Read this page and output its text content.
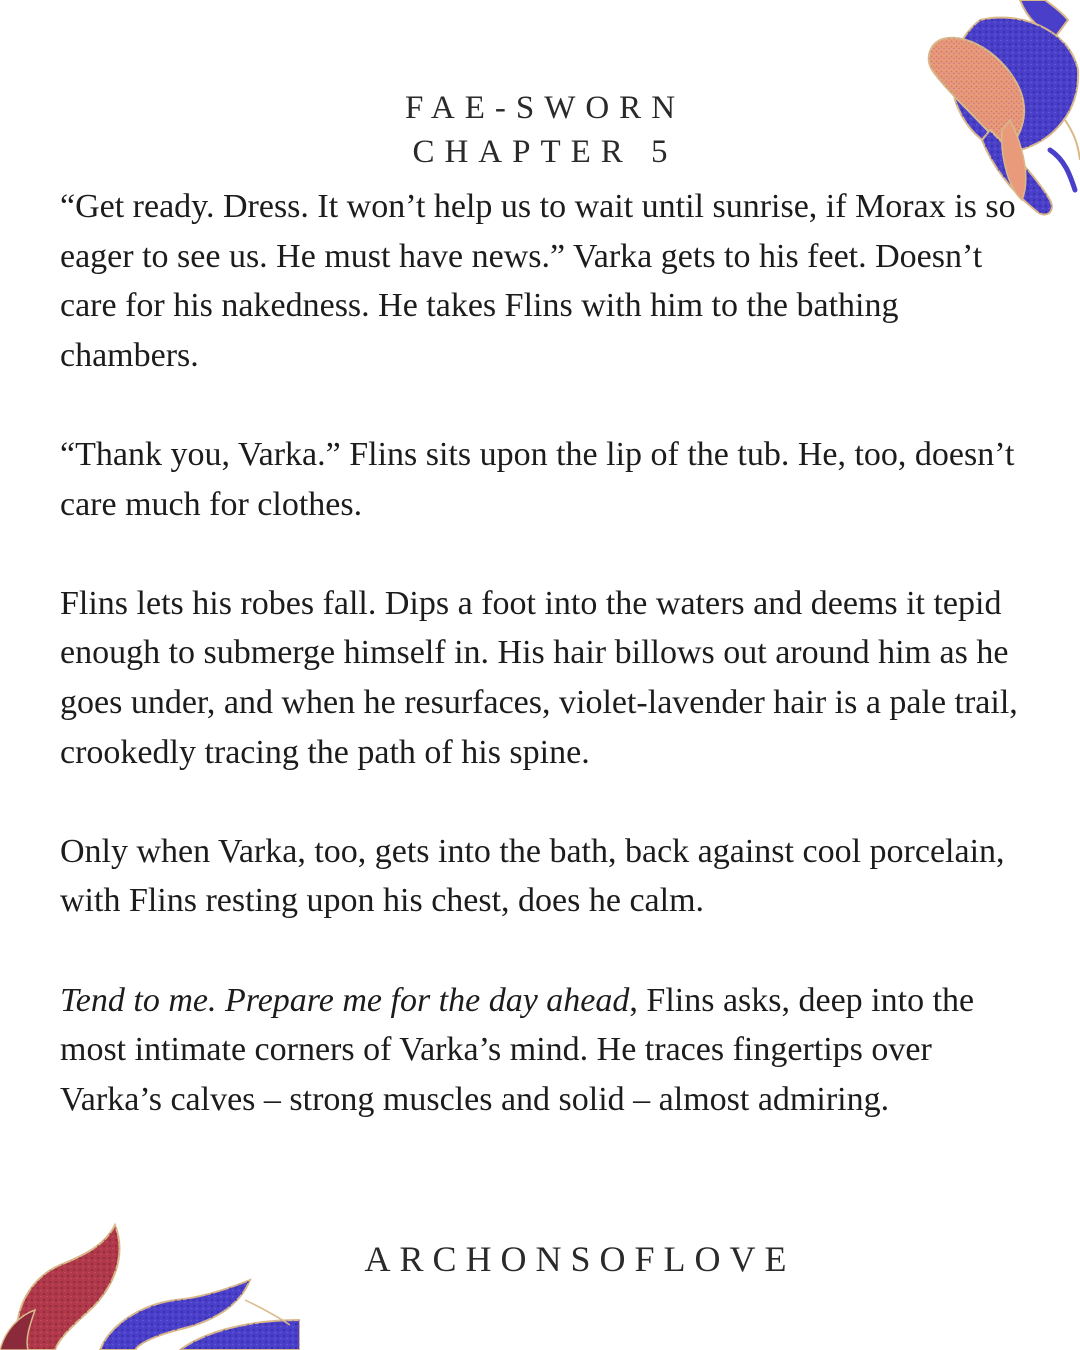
FAE-SWORN
CHAPTER 5

“Get ready. Dress. It won’t help us to wait until sunrise, if Morax is so eager to see us. He must have news.” Varka gets to his feet. Doesn’t care for his nakedness. He takes Flins with him to the bathing chambers.

“Thank you, Varka.” Flins sits upon the lip of the tub. He, too, doesn’t care much for clothes.

Flins lets his robes fall. Dips a foot into the waters and deems it tepid enough to submerge himself in. His hair billows out around him as he goes under, and when he resurfaces, violet-lavender hair is a pale trail, crookedly tracing the path of his spine.

Only when Varka, too, gets into the bath, back against cool porcelain, with Flins resting upon his chest, does he calm.

Tend to me. Prepare me for the day ahead, Flins asks, deep into the most intimate corners of Varka’s mind. He traces fingertips over Varka’s calves – strong muscles and solid – almost admiring.

ARCHONSOFLOVE
